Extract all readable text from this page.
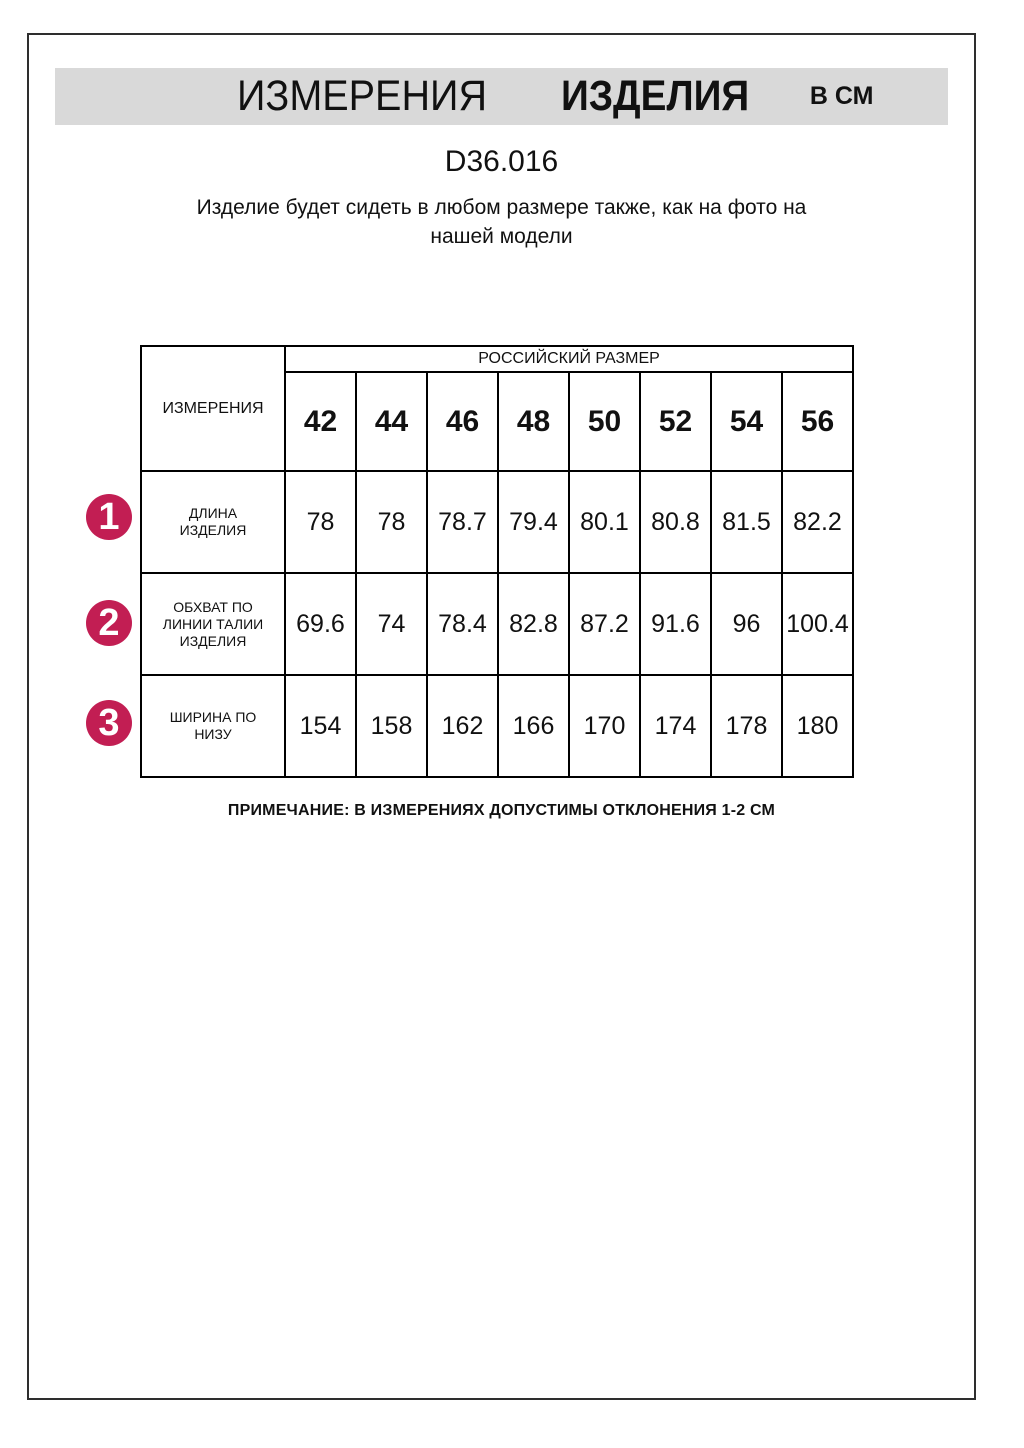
ИЗМЕРЕНИЯ ИЗДЕЛИЯ В СМ
D36.016
Изделие будет сидеть в любом размере также, как на фото на
нашей модели
ИЗМЕРЕНИЯ	РОССИЙСКИЙ РАЗМЕР							
	42	44	46	48	50	52	54	56
ДЛИНА ИЗДЕЛИЯ	78	78	78.7	79.4	80.1	80.8	81.5	82.2
ОБХВАТ ПО ЛИНИИ ТАЛИИ ИЗДЕЛИЯ	69.6	74	78.4	82.8	87.2	91.6	96	100.4
ШИРИНА ПО НИЗУ	154	158	162	166	170	174	178	180
1
2
3
ПРИМЕЧАНИЕ: В ИЗМЕРЕНИЯХ ДОПУСТИМЫ ОТКЛОНЕНИЯ 1-2 СМ
